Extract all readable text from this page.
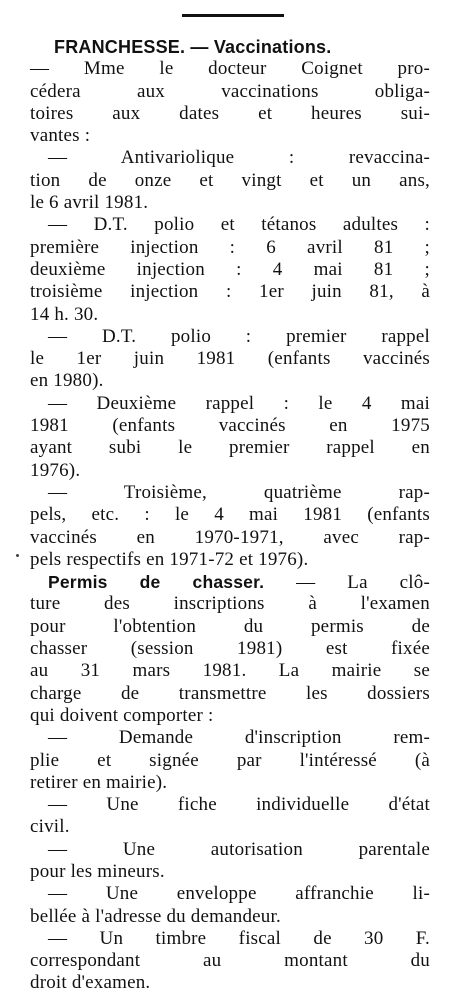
FRANCHESSE. — Vaccinations.
— Mme le docteur Coignet pro-
cédera aux vaccinations obliga-
toires aux dates et heures sui-
vantes :
— Antivariolique : revaccina-
tion de onze et vingt et un ans,
le 6 avril 1981.
— D.T. polio et tétanos adultes :
première injection : 6 avril 81 ;
deuxième injection : 4 mai 81 ;
troisième injection : 1er juin 81, à
14 h. 30.
— D.T. polio : premier rappel
le 1er juin 1981 (enfants vaccinés
en 1980).
— Deuxième rappel : le 4 mai
1981 (enfants vaccinés en 1975
ayant subi le premier rappel en
1976).
— Troisième, quatrième rap-
pels, etc. : le 4 mai 1981 (enfants
vaccinés en 1970-1971, avec rap-
pels respectifs en 1971-72 et 1976).
Permis de chasser. — La clô-
ture des inscriptions à l'examen
pour l'obtention du permis de
chasser (session 1981) est fixée
au 31 mars 1981. La mairie se
charge de transmettre les dossiers
qui doivent comporter :
— Demande d'inscription rem-
plie et signée par l'intéressé (à
retirer en mairie).
— Une fiche individuelle d'état
civil.
— Une autorisation parentale
pour les mineurs.
— Une enveloppe affranchie li-
bellée à l'adresse du demandeur.
— Un timbre fiscal de 30 F.
correspondant au montant du
droit d'examen.
